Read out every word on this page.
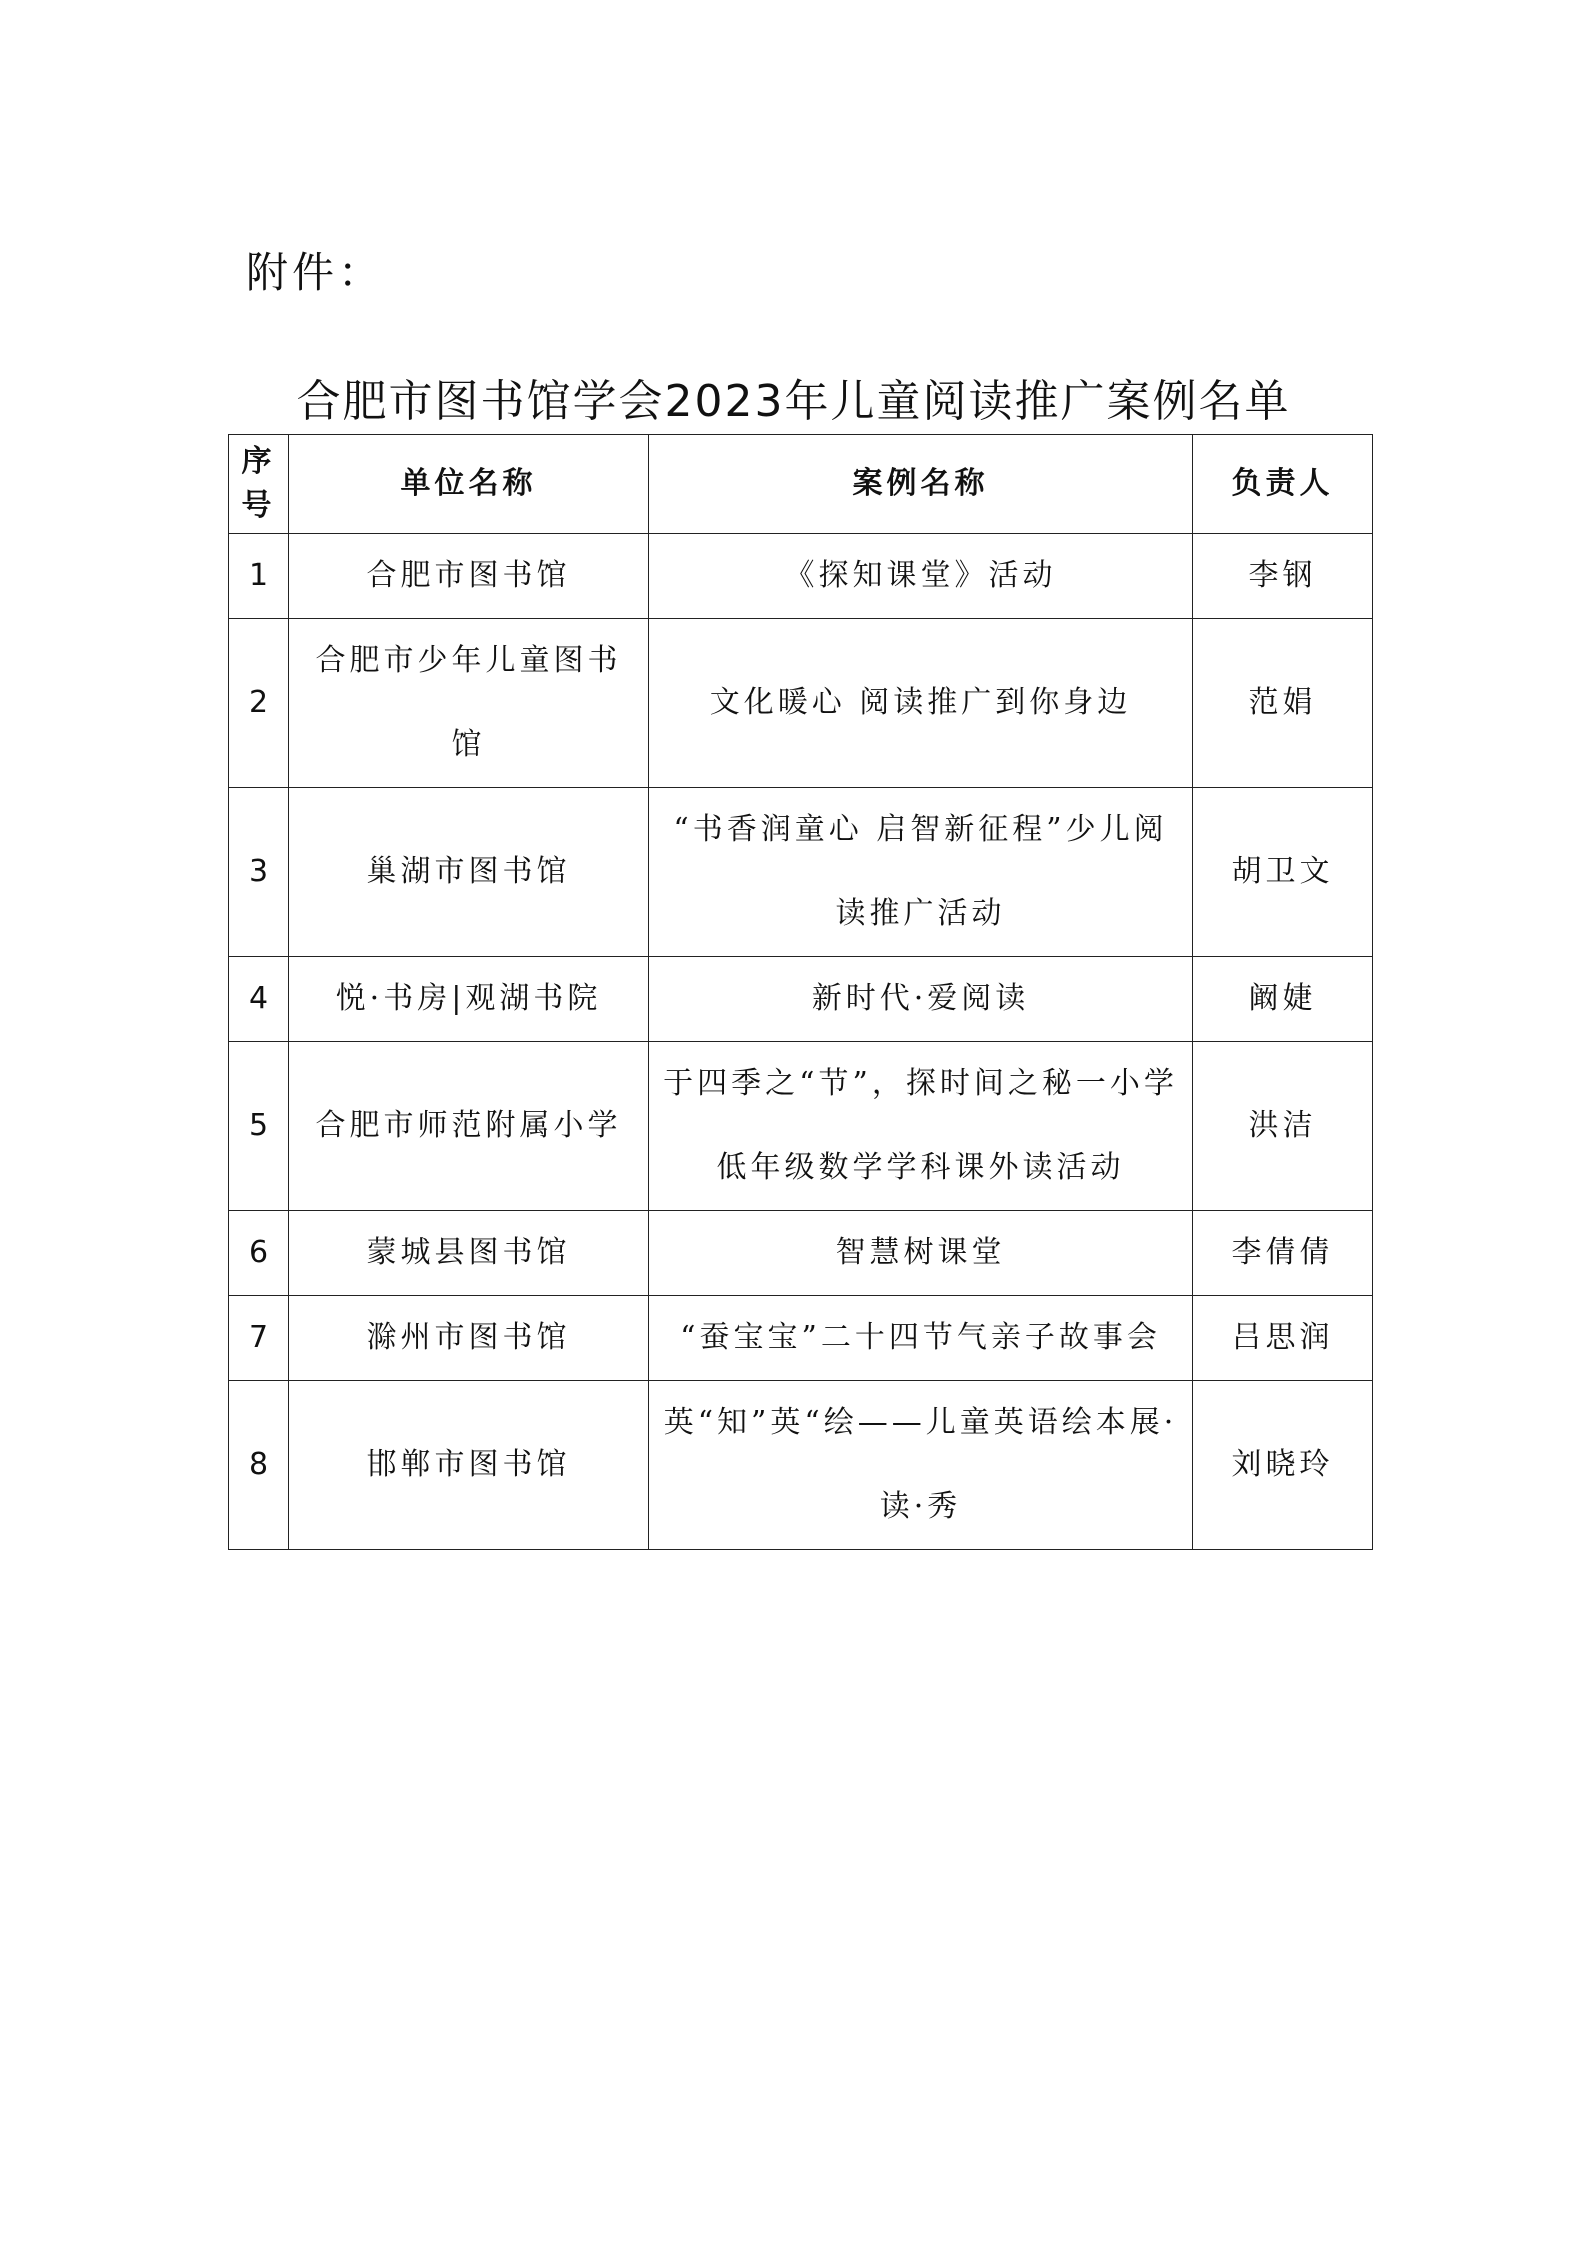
附件：
合肥市图书馆学会2023年儿童阅读推广案例名单
序号	单位名称	案例名称	负责人
1	合肥市图书馆	《探知课堂》活动	李钢
2	合肥市少年儿童图书馆	文化暖心 阅读推广到你身边	范娟
3	巢湖市图书馆	“书香润童心 启智新征程”少儿阅读推广活动	胡卫文
4	悦·书房|观湖书院	新时代·爱阅读	阚婕
5	合肥市师范附属小学	于四季之“节”，探时间之秘一小学低年级数学学科课外读活动	洪洁
6	蒙城县图书馆	智慧树课堂	李倩倩
7	滁州市图书馆	“蚕宝宝”二十四节气亲子故事会	吕思润
8	邯郸市图书馆	英“知”英“绘——儿童英语绘本展·读·秀	刘晓玲
